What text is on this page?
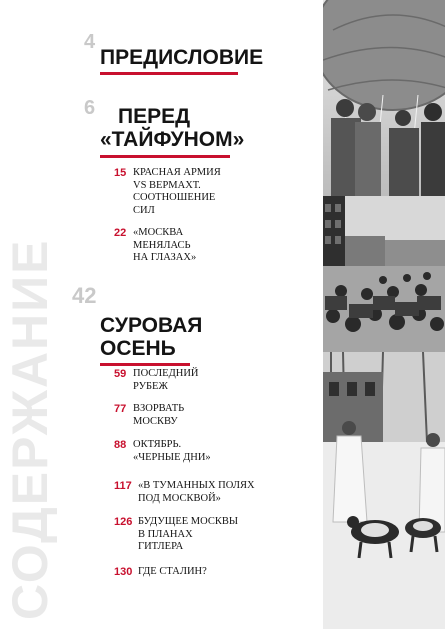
СОДЕРЖАНИЕ
4
ПРЕДИСЛОВИЕ
6 ПЕРЕД
«ТАЙФУНОМ»
15 КРАСНАЯ АРМИЯ
VS ВЕРМАХТ.
СООТНОШЕНИЕ
СИЛ
22 «МОСКВА
МЕНЯЛАСЬ
НА ГЛАЗАХ»
42
СУРОВАЯ
ОСЕНЬ
59 ПОСЛЕДНИЙ
РУБЕЖ
77 ВЗОРВАТЬ
МОСКВУ
88 ОКТЯБРЬ.
«ЧЕРНЫЕ ДНИ»
117 «В ТУМАННЫХ ПОЛЯХ
ПОД МОСКВОЙ»
126 БУДУЩЕЕ МОСКВЫ
В ПЛАНАХ
ГИТЛЕРА
130 ГДЕ СТАЛИН?
